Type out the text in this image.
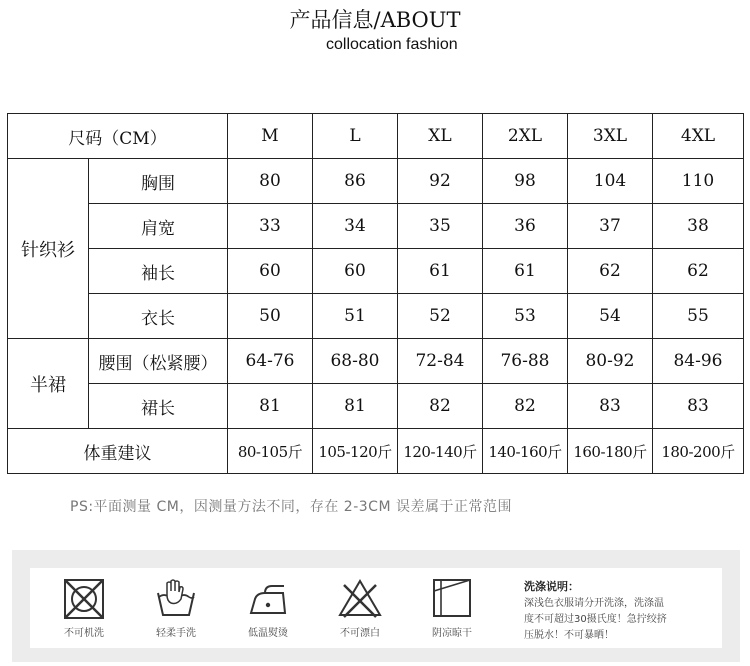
产品信息/ABOUT
collocation fashion
尺码（CM）		M	L	XL	2XL	3XL	4XL
针织衫	胸围	80	86	92	98	104	110
	肩宽	33	34	35	36	37	38
	袖长	60	60	61	61	62	62
	衣长	50	51	52	53	54	55
半裙	腰围（松紧腰）	64-76	68-80	72-84	76-88	80-92	84-96
	裙长	81	81	82	82	83	83
体重建议		80-105斤	105-120斤	120-140斤	140-160斤	160-180斤	180-200斤
PS:平面测量 CM，因测量方法不同，存在 2-3CM 误差属于正常范围
不可机洗	轻柔手洗	低温熨烫	不可漂白	阴凉晾干
洗涤说明：
深浅色衣服请分开洗涤，洗涤温
度不可超过30摄氏度！急拧绞挤
压脱水！不可暴晒！
